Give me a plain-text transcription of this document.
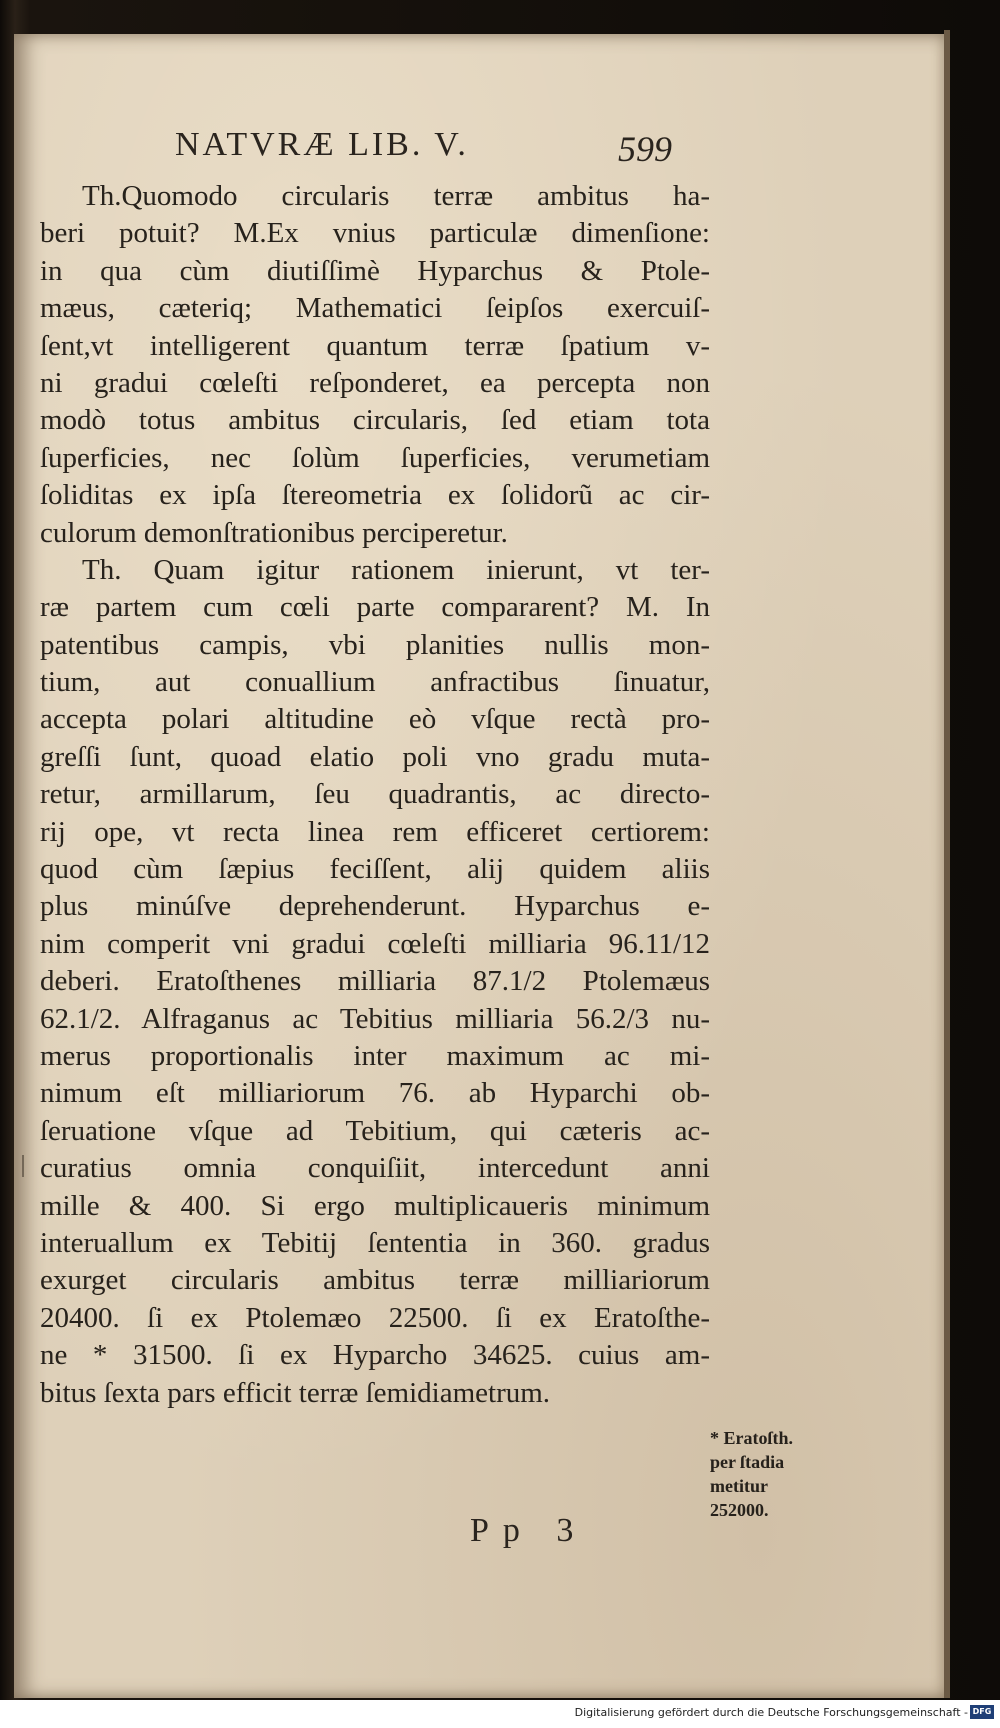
NATVRÆ LIB. V.	599
Th.Quomodo circularis terræ ambitus ha-
beri potuit? M.Ex vnius particulæ dimenſione:
in qua cùm diutiſſimè Hyparchus & Ptole-
mæus, cæteriq; Mathematici ſeipſos exercuiſ-
ſent,vt intelligerent quantum terræ ſpatium v-
ni gradui cœleſti reſponderet, ea percepta non
modò totus ambitus circularis, ſed etiam tota
ſuperficies, nec ſolùm ſuperficies, verumetiam
ſoliditas ex ipſa ſtereometria ex ſolidorũ ac cir-
culorum demonſtrationibus perciperetur.
Th. Quam igitur rationem inierunt, vt ter-
ræ partem cum cœli parte compararent? M. In
patentibus campis, vbi planities nullis mon-
tium, aut conuallium anfractibus ſinuatur,
accepta polari altitudine eò vſque rectà pro-
greſſi ſunt, quoad elatio poli vno gradu muta-
retur, armillarum, ſeu quadrantis, ac directo-
rij ope, vt recta linea rem efficeret certiorem:
quod cùm ſæpius feciſſent, alij quidem aliis
plus minúſve deprehenderunt. Hyparchus e-
nim comperit vni gradui cœleſti milliaria 96.11/12
deberi. Eratoſthenes milliaria 87.1/2 Ptolemæus
62.1/2. Alfraganus ac Tebitius milliaria 56.2/3 nu-
merus proportionalis inter maximum ac mi-
nimum eſt milliariorum 76. ab Hyparchi ob-
ſeruatione vſque ad Tebitium, qui cæteris ac-
curatius omnia conquiſiit, intercedunt anni
mille & 400. Si ergo multiplicaueris minimum
interuallum ex Tebitij ſententia in 360. gradus
exurget circularis ambitus terræ milliariorum
20400. ſi ex Ptolemæo 22500. ſi ex Eratoſthe-
ne * 31500. ſi ex Hyparcho 34625. cuius am-
bitus ſexta pars efficit terræ ſemidiametrum.
* Eratoſth.
per ſtadia
metitur
252000.
Pp 3
Digitalisierung gefördert durch die Deutsche Forschungsgemeinschaft - DFG
